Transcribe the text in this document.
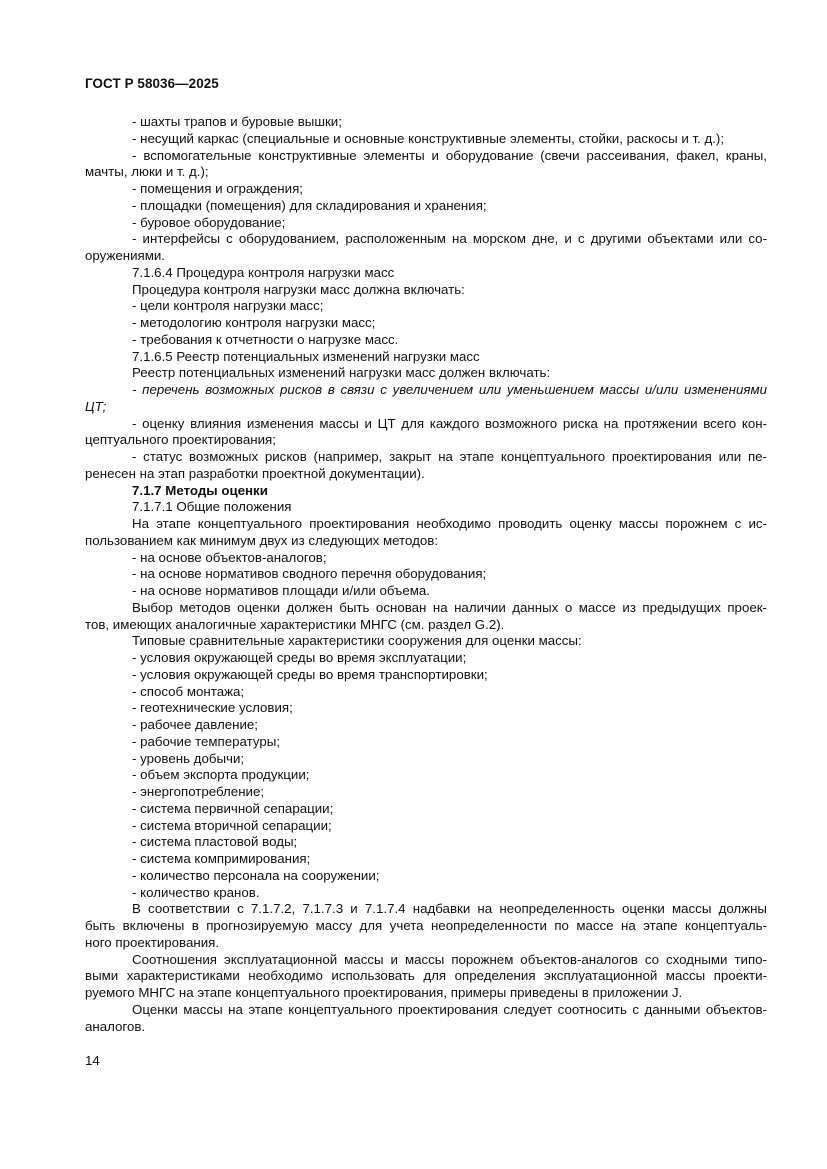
ГОСТ Р 58036—2025
- шахты трапов и буровые вышки;
- несущий каркас (специальные и основные конструктивные элементы, стойки, раскосы и т. д.);
- вспомогательные конструктивные элементы и оборудование (свечи рассеивания, факел, краны,
мачты, люки и т. д.);
- помещения и ограждения;
- площадки (помещения) для складирования и хранения;
- буровое оборудование;
- интерфейсы с оборудованием, расположенным на морском дне, и с другими объектами или со-
оружениями.
7.1.6.4 Процедура контроля нагрузки масс
Процедура контроля нагрузки масс должна включать:
- цели контроля нагрузки масс;
- методологию контроля нагрузки масс;
- требования к отчетности о нагрузке масс.
7.1.6.5 Реестр потенциальных изменений нагрузки масс
Реестр потенциальных изменений нагрузки масс должен включать:
- перечень возможных рисков в связи с увеличением или уменьшением массы и/или изменениями
ЦТ;
- оценку влияния изменения массы и ЦТ для каждого возможного риска на протяжении всего кон-
цептуального проектирования;
- статус возможных рисков (например, закрыт на этапе концептуального проектирования или пе-
ренесен на этап разработки проектной документации).
7.1.7 Методы оценки
7.1.7.1 Общие положения
На этапе концептуального проектирования необходимо проводить оценку массы порожнем с ис-
пользованием как минимум двух из следующих методов:
- на основе объектов-аналогов;
- на основе нормативов сводного перечня оборудования;
- на основе нормативов площади и/или объема.
Выбор методов оценки должен быть основан на наличии данных о массе из предыдущих проек-
тов, имеющих аналогичные характеристики МНГС (см. раздел G.2).
Типовые сравнительные характеристики сооружения для оценки массы:
- условия окружающей среды во время эксплуатации;
- условия окружающей среды во время транспортировки;
- способ монтажа;
- геотехнические условия;
- рабочее давление;
- рабочие температуры;
- уровень добычи;
- объем экспорта продукции;
- энергопотребление;
- система первичной сепарации;
- система вторичной сепарации;
- система пластовой воды;
- система компримирования;
- количество персонала на сооружении;
- количество кранов.
В соответствии с 7.1.7.2, 7.1.7.3 и 7.1.7.4 надбавки на неопределенность оценки массы должны
быть включены в прогнозируемую массу для учета неопределенности по массе на этапе концептуаль-
ного проектирования.
Соотношения эксплуатационной массы и массы порожнем объектов-аналогов со сходными типо-
выми характеристиками необходимо использовать для определения эксплуатационной массы проекти-
руемого МНГС на этапе концептуального проектирования, примеры приведены в приложении J.
Оценки массы на этапе концептуального проектирования следует соотносить с данными объектов-
аналогов.
14
